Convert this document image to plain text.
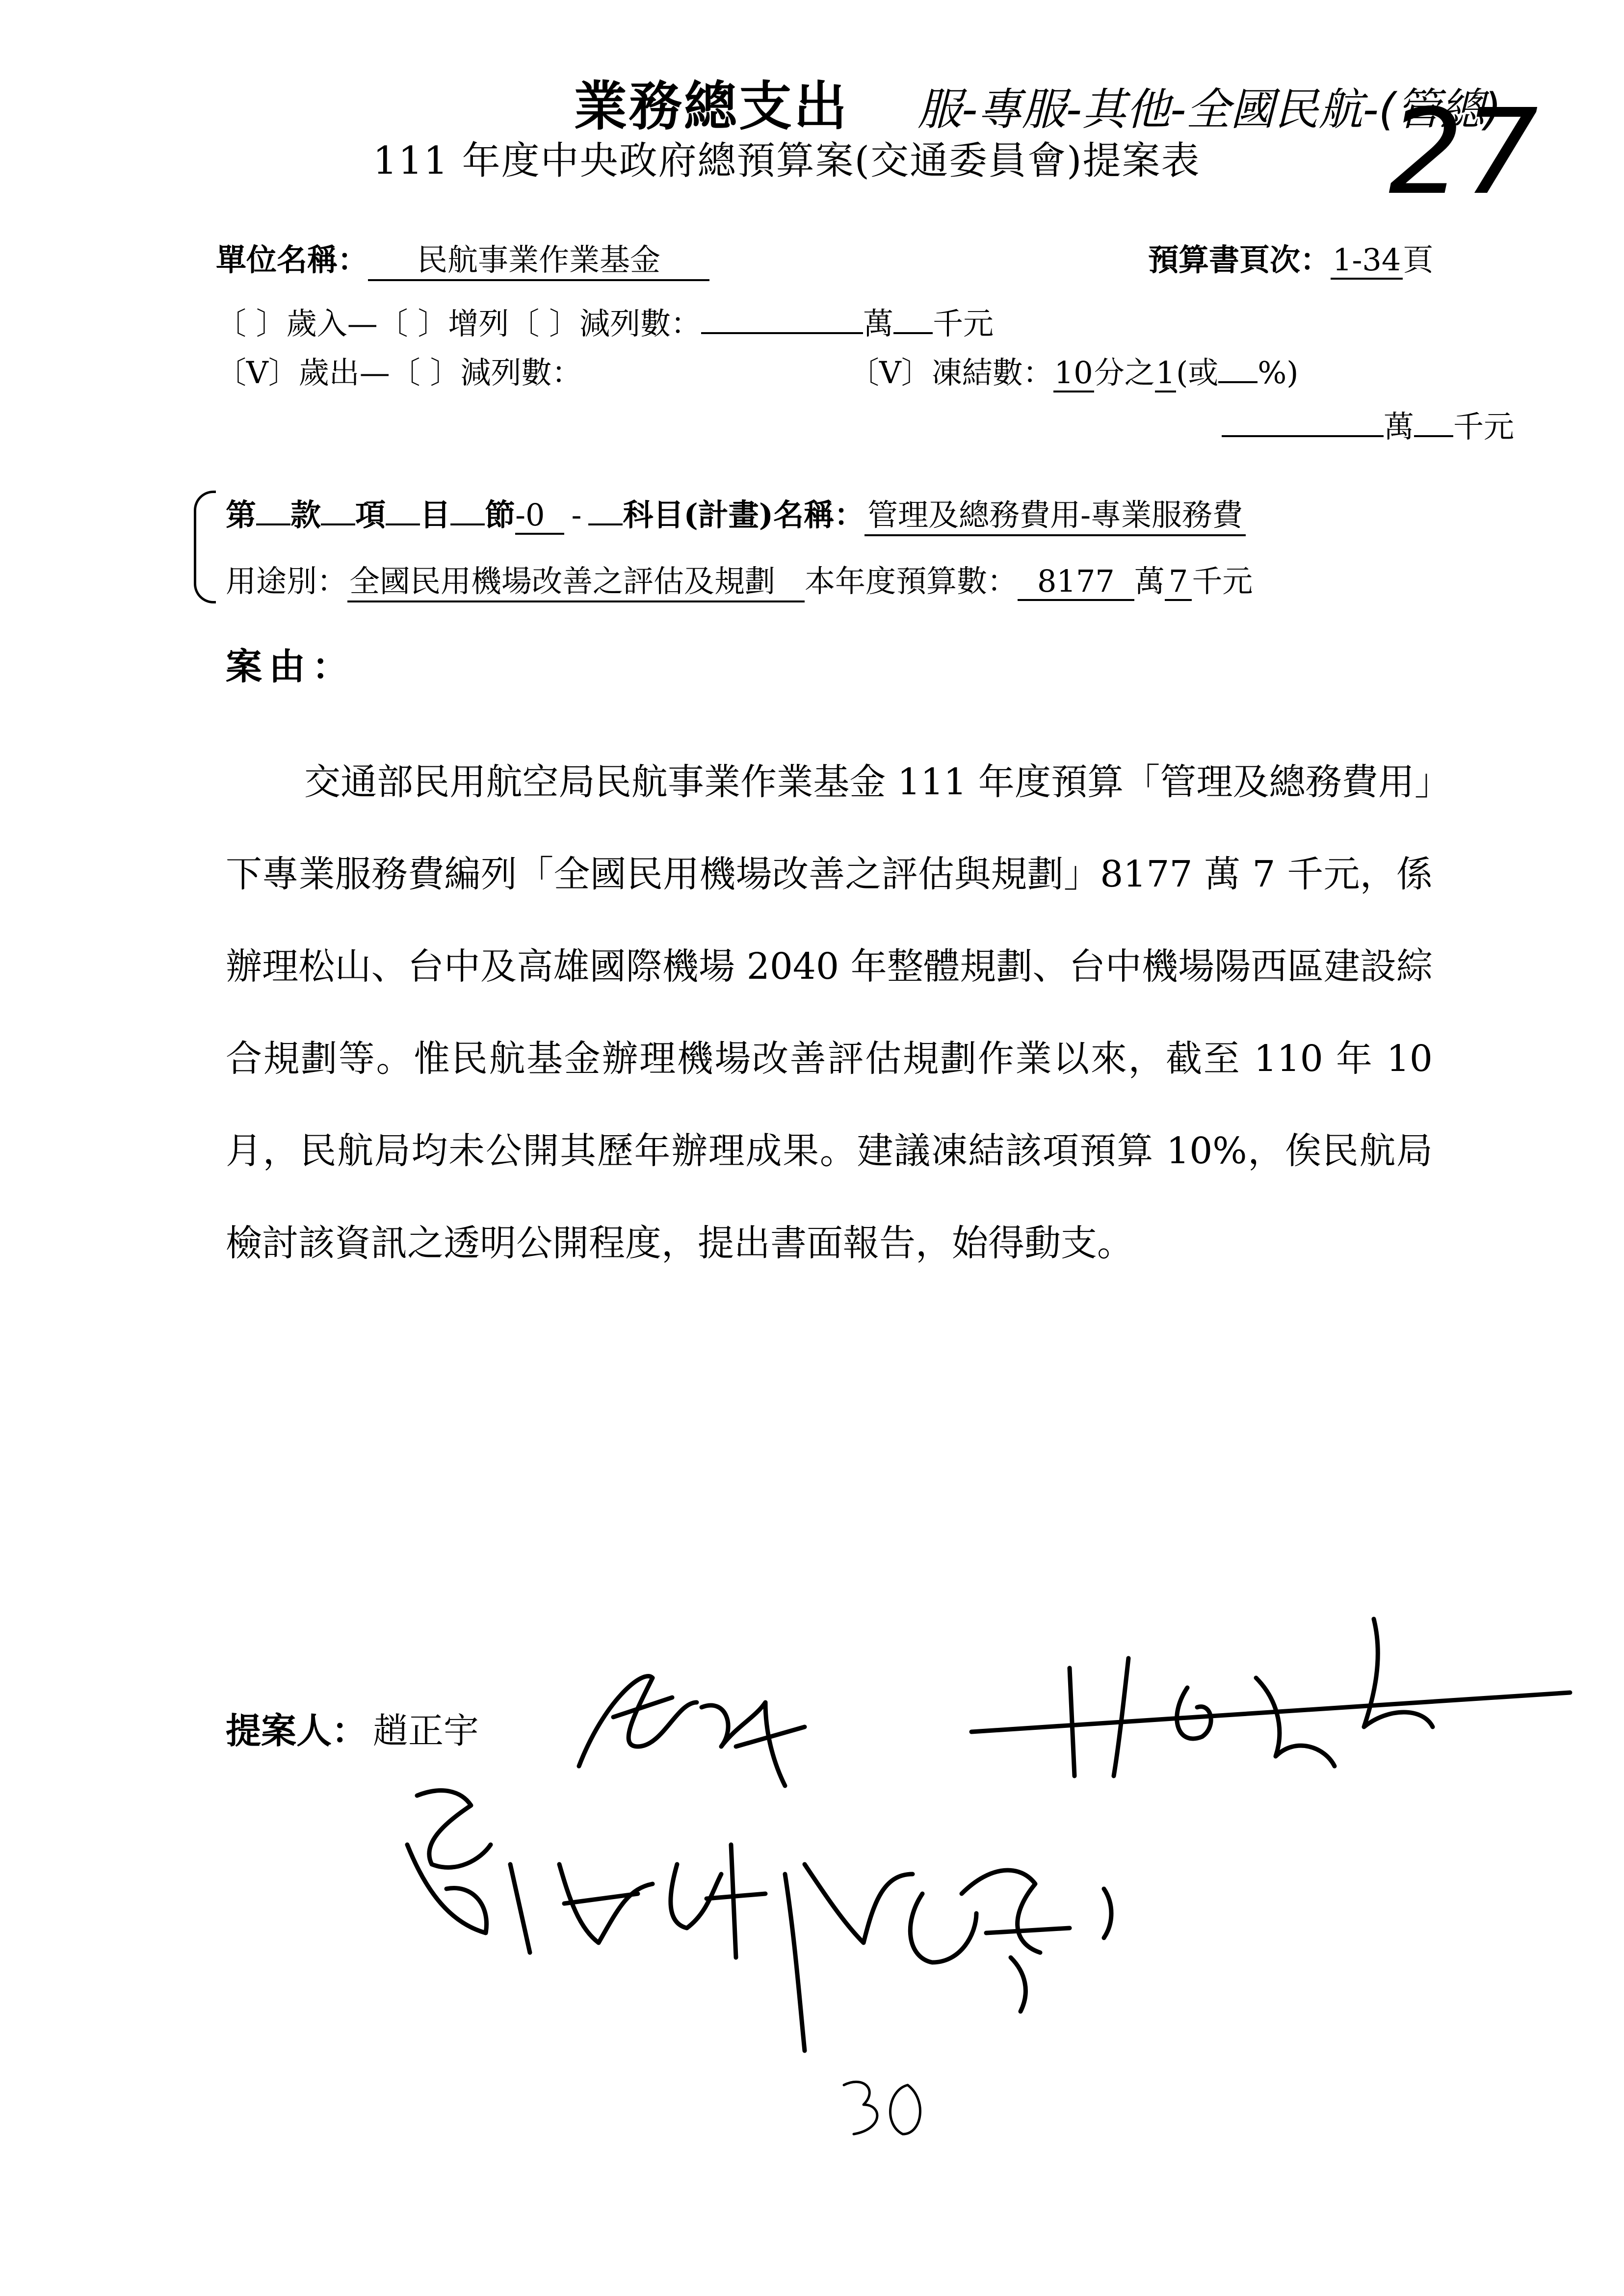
業務總支出 服-專服-其他-全國民航-(管總)
27
111 年度中央政府總預算案(交通委員會)提案表
單位名稱： 民航事業作業基金	預算書頁次：1-34頁
〔 〕歲入—〔 〕增列〔 〕減列數：	萬 千元
〔V〕歲出—〔 〕減列數：	〔V〕凍結數：10分之1(或 %)
萬 千元
第 款 項 目 節-0 - 科目(計畫)名稱：管理及總務費用-專業服務費
用途別：全國民用機場改善之評估及規劃 本年度預算數： 8177 萬 7 千元
案由：

交通部民用航空局民航事業作業基金 111 年度預算「管理及總務費用」下專業服務費編列「全國民用機場改善之評估與規劃」8177 萬 7 千元，係辦理松山、台中及高雄國際機場 2040 年整體規劃、台中機場陽西區建設綜合規劃等。惟民航基金辦理機場改善評估規劃作業以來，截至 110 年 10 月，民航局均未公開其歷年辦理成果。建議凍結該項預算 10%，俟民航局檢討該資訊之透明公開程度，提出書面報告，始得動支。

提案人： 趙正宇
